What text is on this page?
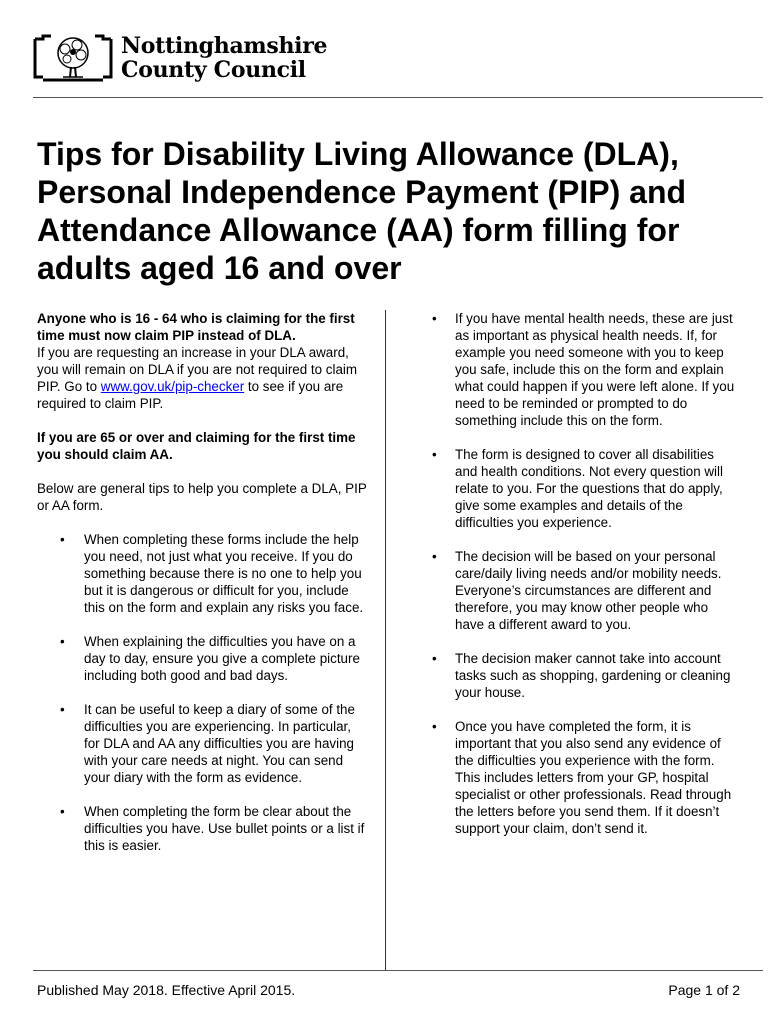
Nottinghamshire
County Council
Tips for Disability Living Allowance (DLA), Personal Independence Payment (PIP) and Attendance Allowance (AA) form filling for adults aged 16 and over

Anyone who is 16 - 64 who is claiming for the first time must now claim PIP instead of DLA.

If you are requesting an increase in your DLA award, you will remain on DLA if you are not required to claim PIP. Go to www.gov.uk/pip-checker to see if you are required to claim PIP.

If you are 65 or over and claiming for the first time you should claim AA.

Below are general tips to help you complete a DLA, PIP or AA form.

• When completing these forms include the help you need, not just what you receive. If you do something because there is no one to help you but it is dangerous or difficult for you, include this on the form and explain any risks you face.
• When explaining the difficulties you have on a day to day, ensure you give a complete picture including both good and bad days.
• It can be useful to keep a diary of some of the difficulties you are experiencing. In particular, for DLA and AA any difficulties you are having with your care needs at night. You can send your diary with the form as evidence.
• When completing the form be clear about the difficulties you have. Use bullet points or a list if this is easier.
• If you have mental health needs, these are just as important as physical health needs. If, for example you need someone with you to keep you safe, include this on the form and explain what could happen if you were left alone. If you need to be reminded or prompted to do something include this on the form.
• The form is designed to cover all disabilities and health conditions. Not every question will relate to you. For the questions that do apply, give some examples and details of the difficulties you experience.
• The decision will be based on your personal care/daily living needs and/or mobility needs. Everyone’s circumstances are different and therefore, you may know other people who have a different award to you.
• The decision maker cannot take into account tasks such as shopping, gardening or cleaning your house.
• Once you have completed the form, it is important that you also send any evidence of the difficulties you experience with the form. This includes letters from your GP, hospital specialist or other professionals. Read through the letters before you send them. If it doesn’t support your claim, don’t send it.
Published May 2018. Effective April 2015.	Page 1 of 2
